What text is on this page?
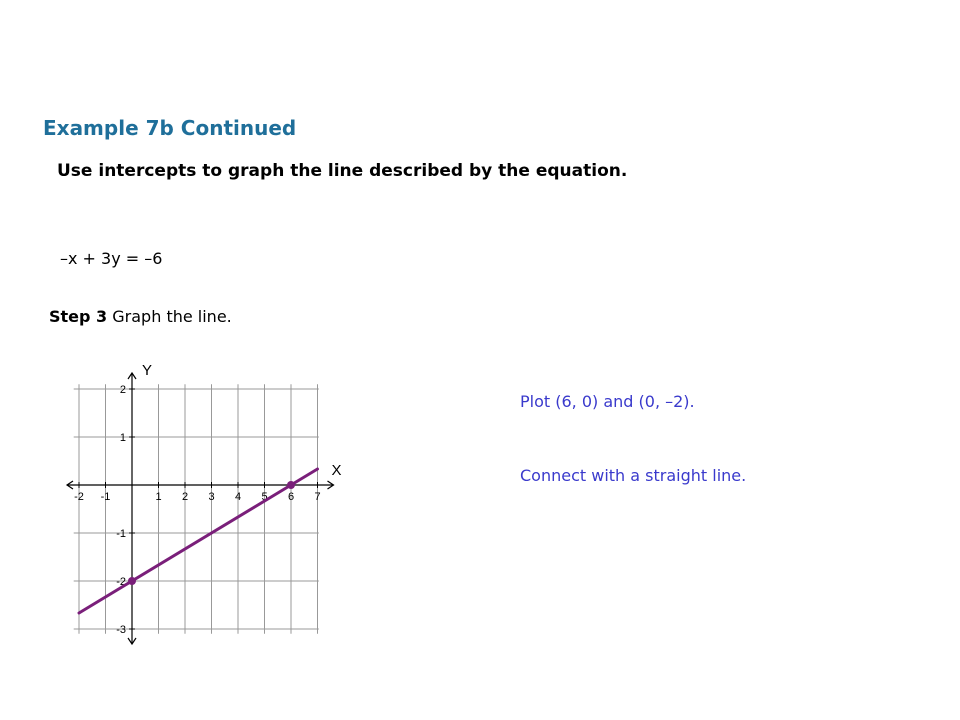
Example 7b Continued
Use intercepts to graph the line described by the equation.
–x + 3y = –6
Step 3 Graph the line.
Plot (6, 0) and (0, –2).
Connect with a straight line.
-2 -1	1 2 3 4 5 6 7
2
1
-1
-2
-3
X
Y
